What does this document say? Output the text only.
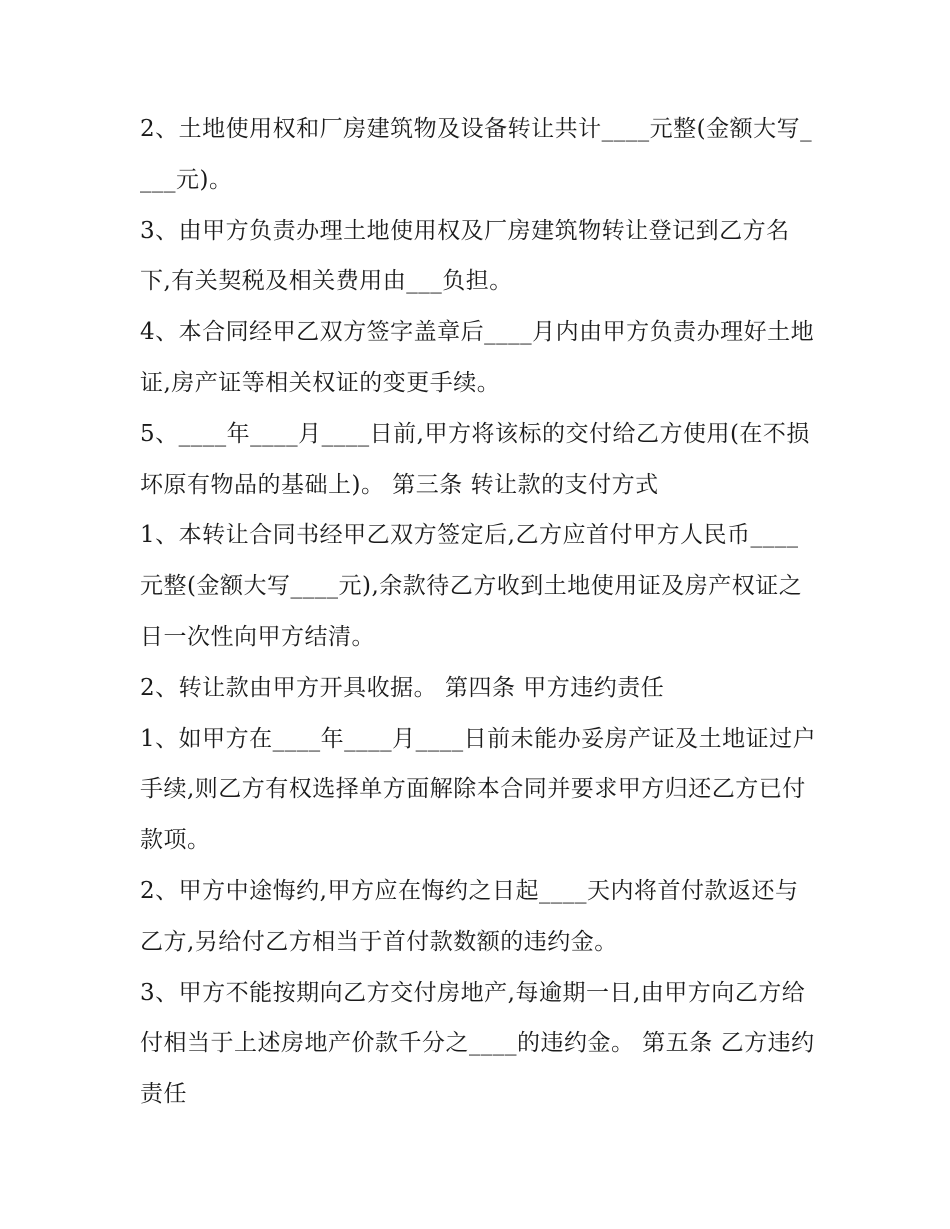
2、土地使用权和厂房建筑物及设备转让共计____元整(金额大写____元)。

3、由甲方负责办理土地使用权及厂房建筑物转让登记到乙方名下,有关契税及相关费用由___负担。

4、本合同经甲乙双方签字盖章后____月内由甲方负责办理好土地证,房产证等相关权证的变更手续。

5、____年____月____日前,甲方将该标的交付给乙方使用(在不损坏原有物品的基础上)。 第三条 转让款的支付方式

1、本转让合同书经甲乙双方签定后,乙方应首付甲方人民币____元整(金额大写____元),余款待乙方收到土地使用证及房产权证之日一次性向甲方结清。

2、转让款由甲方开具收据。 第四条 甲方违约责任

1、如甲方在____年____月____日前未能办妥房产证及土地证过户手续,则乙方有权选择单方面解除本合同并要求甲方归还乙方已付款项。

2、甲方中途悔约,甲方应在悔约之日起____天内将首付款返还与乙方,另给付乙方相当于首付款数额的违约金。

3、甲方不能按期向乙方交付房地产,每逾期一日,由甲方向乙方给付相当于上述房地产价款千分之____的违约金。 第五条 乙方违约责任
